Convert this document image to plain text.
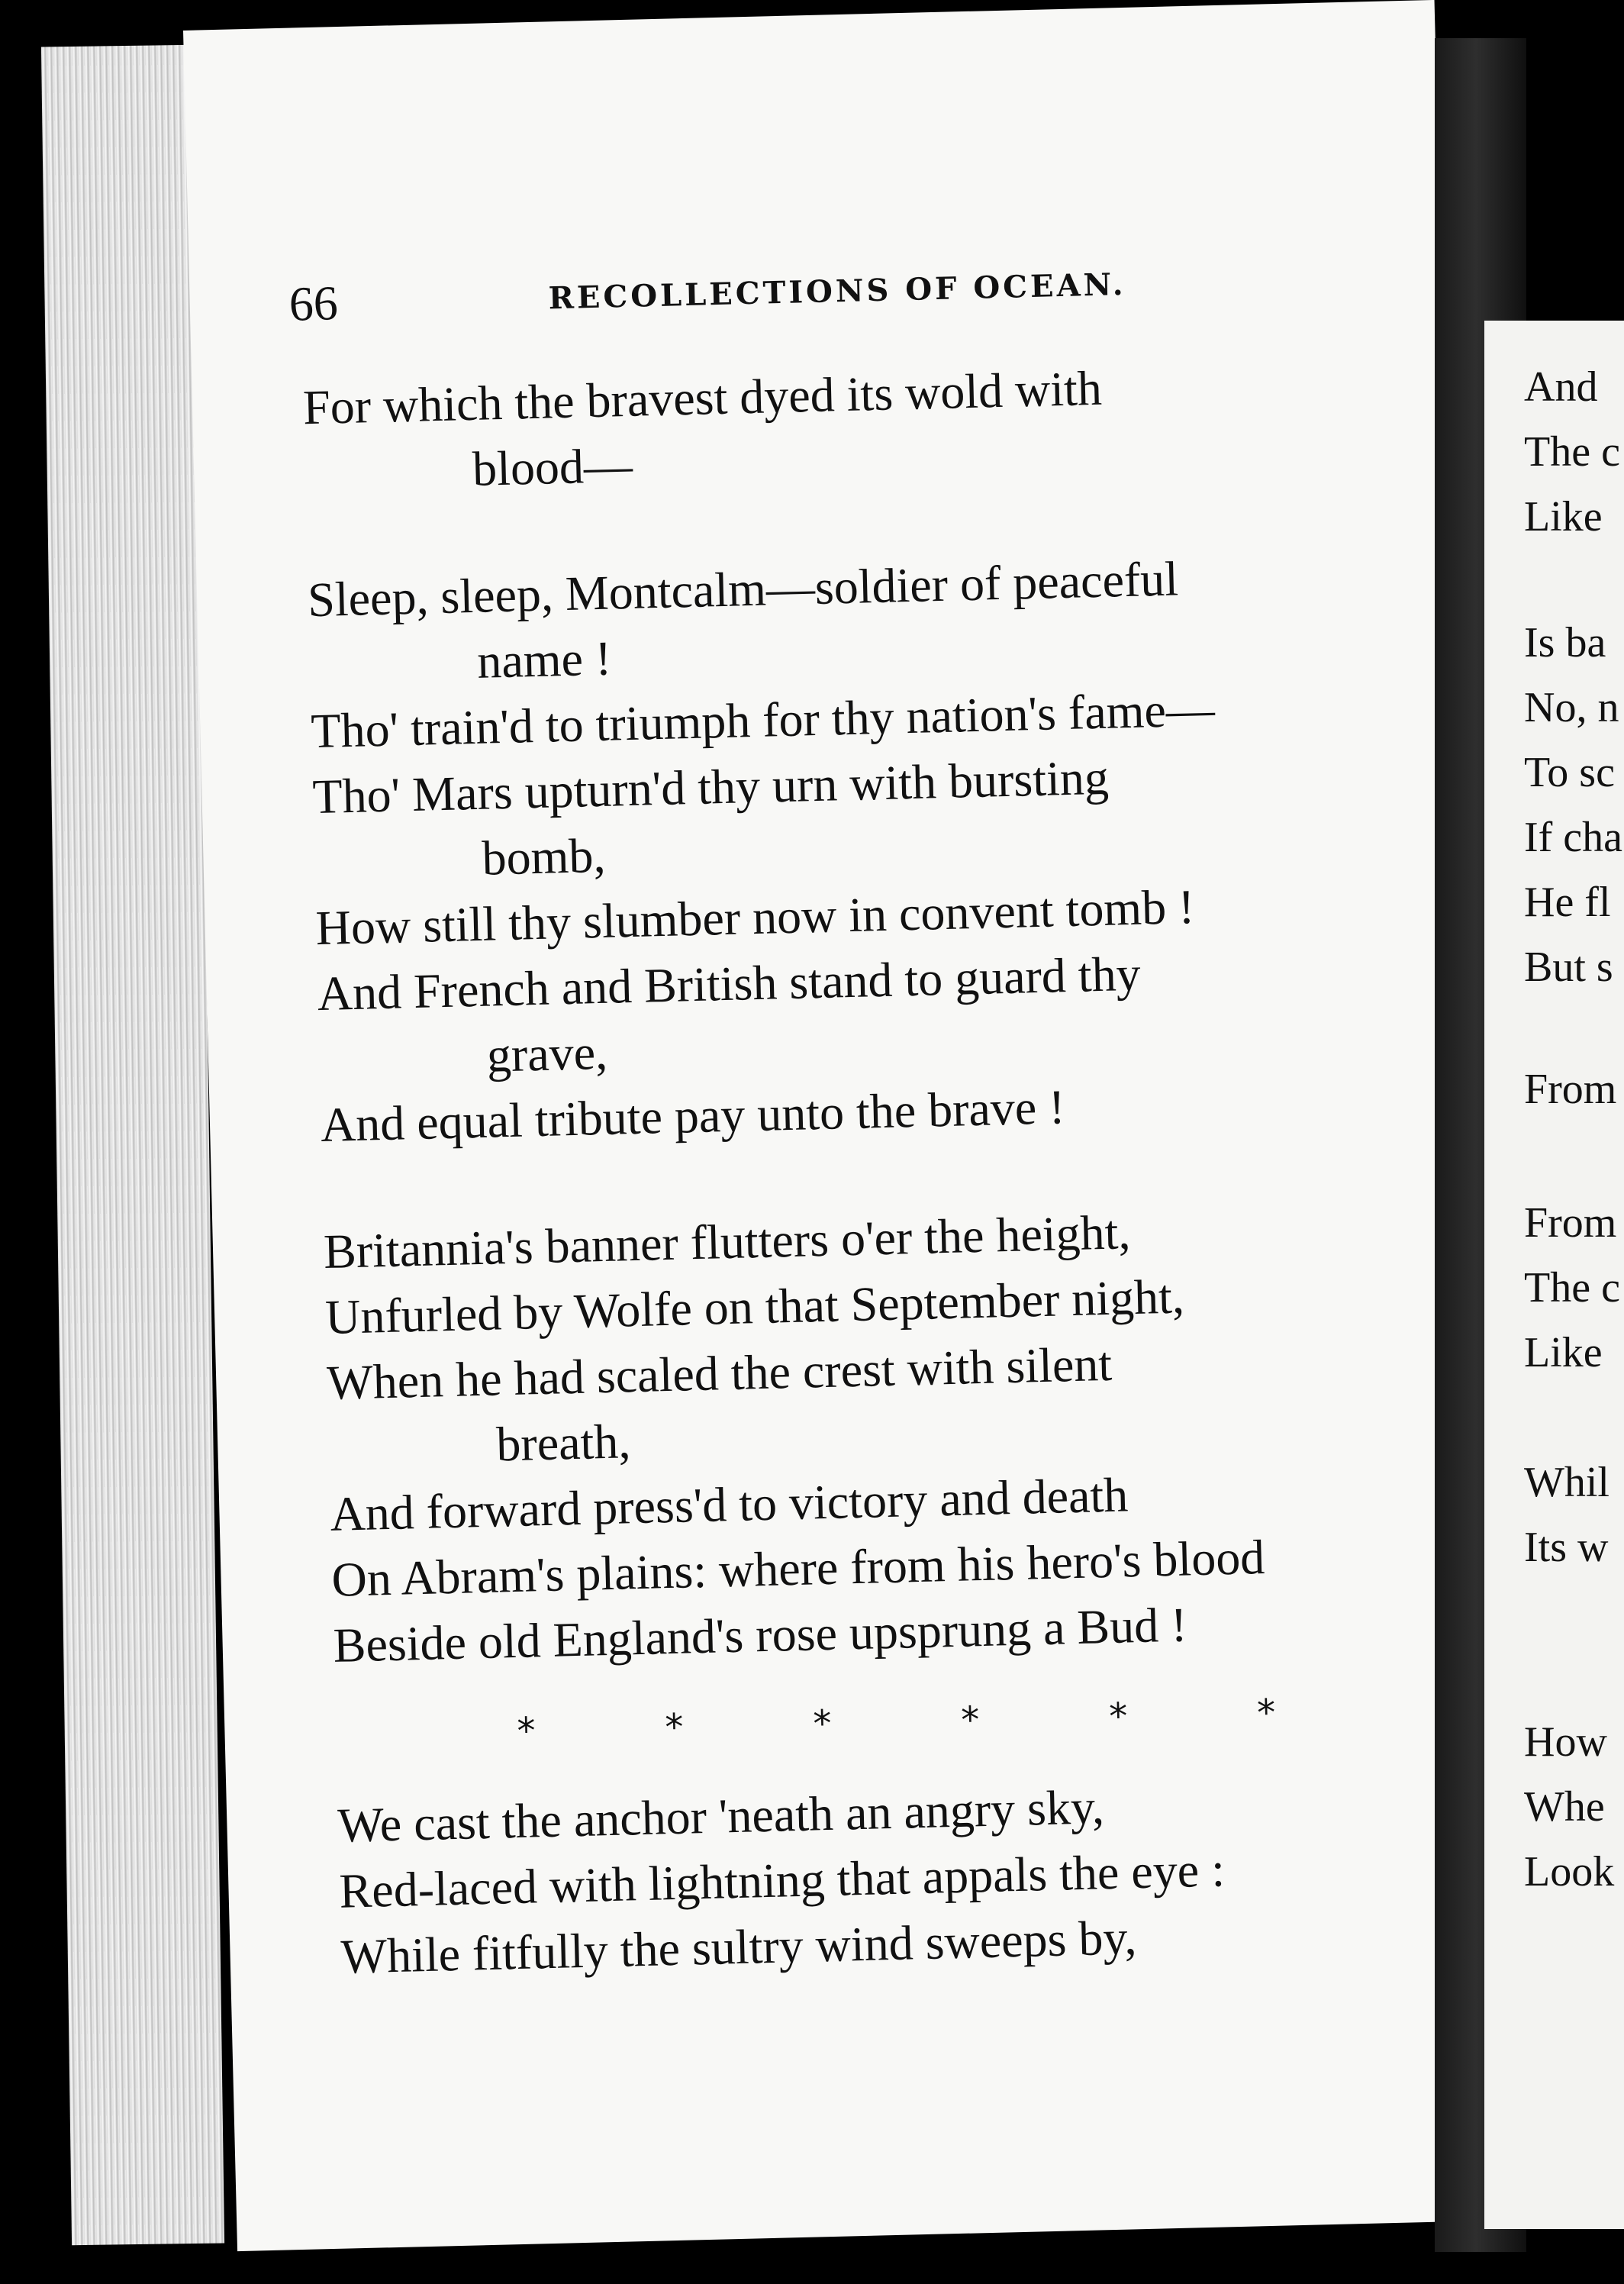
66	RECOLLECTIONS OF OCEAN.
For which the bravest dyed its wold with
blood—
Sleep, sleep, Montcalm—soldier of peaceful
name !
Tho' train'd to triumph for thy nation's fame—
Tho' Mars upturn'd thy urn with bursting
bomb,
How still thy slumber now in convent tomb !
And French and British stand to guard thy
grave,
And equal tribute pay unto the brave !
Britannia's banner flutters o'er the height,
Unfurled by Wolfe on that September night,
When he had scaled the crest with silent
breath,
And forward press'd to victory and death
On Abram's plains: where from his hero's blood
Beside old England's rose upsprung a Bud !
*	*	*	*	*	*
We cast the anchor 'neath an angry sky,
Red-laced with lightning that appals the eye :
While fitfully the sultry wind sweeps by,
And
The c
Like
Is ba
No, n
To sc
If cha
He fl
But s
From
From
The c
Like
Whil
Its w
How
Whe
Look
